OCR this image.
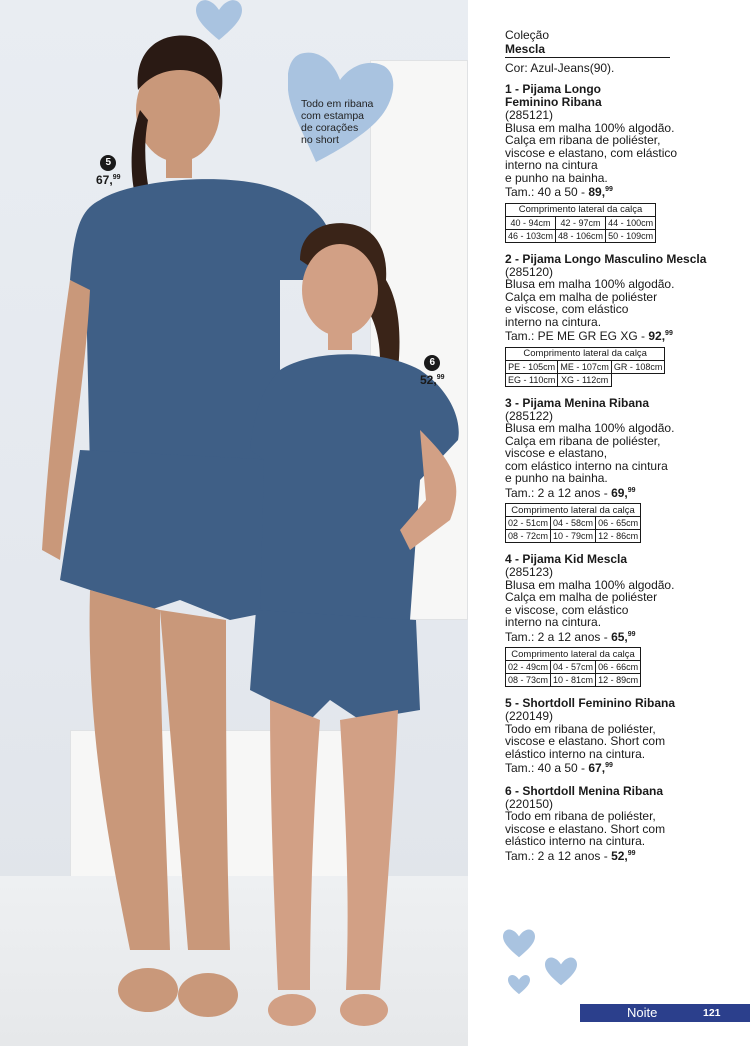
Todo em ribana
com estampa
de corações
no short
5
67,99
6
52,99

Coleção

Mescla

Cor: Azul-Jeans(90).

1 - Pijama Longo
Feminino Ribana
(285121)
Blusa em malha 100% algodão.
Calça em ribana de poliéster,
viscose e elastano, com elástico
interno na cintura
e punho na bainha.
Tam.: 40 a 50 - 89,99
Comprimento lateral da calça		
40 - 94cm	42 - 97cm	44 - 100cm
46 - 103cm	48 - 106cm	50 - 109cm
2 - Pijama Longo Masculino Mescla
(285120)
Blusa em malha 100% algodão.
Calça em malha de poliéster
e viscose, com elástico
interno na cintura.
Tam.: PE ME GR EG XG - 92,99
Comprimento lateral da calça		
PE - 105cm	ME - 107cm	GR - 108cm
EG - 110cm	XG - 112cm	
3 - Pijama Menina Ribana
(285122)
Blusa em malha 100% algodão.
Calça em ribana de poliéster,
viscose e elastano,
com elástico interno na cintura
e punho na bainha.
Tam.: 2 a 12 anos - 69,99
Comprimento lateral da calça		
02 - 51cm	04 - 58cm	06 - 65cm
08 - 72cm	10 - 79cm	12 - 86cm
4 - Pijama Kid Mescla
(285123)
Blusa em malha 100% algodão.
Calça em malha de poliéster
e viscose, com elástico
interno na cintura.
Tam.: 2 a 12 anos - 65,99
Comprimento lateral da calça		
02 - 49cm	04 - 57cm	06 - 66cm
08 - 73cm	10 - 81cm	12 - 89cm
5 - Shortdoll Feminino Ribana
(220149)
Todo em ribana de poliéster,
viscose e elastano. Short com
elástico interno na cintura.
Tam.: 40 a 50 - 67,99
6 - Shortdoll Menina Ribana
(220150)
Todo em ribana de poliéster,
viscose e elastano. Short com
elástico interno na cintura.
Tam.: 2 a 12 anos - 52,99
Noite	121
